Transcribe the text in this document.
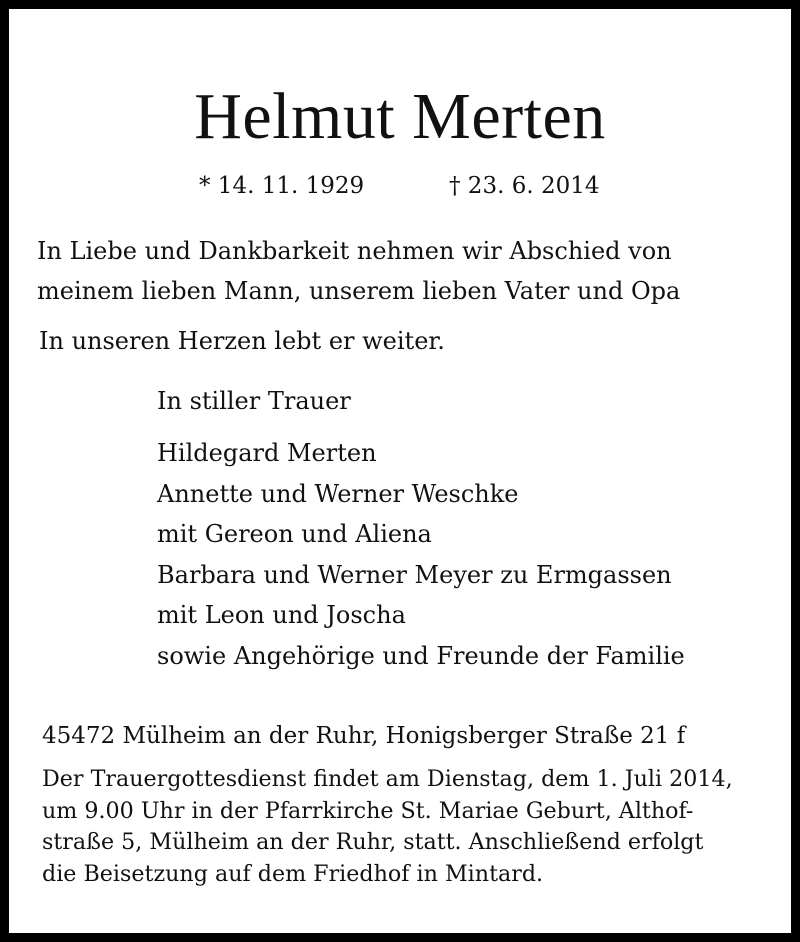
Helmut Merten
* 14. 11. 1929	† 23. 6. 2014
In Liebe und Dankbarkeit nehmen wir Abschied von
meinem lieben Mann, unserem lieben Vater und Opa
In unseren Herzen lebt er weiter.
In stiller Trauer
Hildegard Merten
Annette und Werner Weschke
mit Gereon und Aliena
Barbara und Werner Meyer zu Ermgassen
mit Leon und Joscha
sowie Angehörige und Freunde der Familie
45472 Mülheim an der Ruhr, Honigsberger Straße 21 f
Der Trauergottesdienst findet am Dienstag, dem 1. Juli 2014,
um 9.00 Uhr in der Pfarrkirche St. Mariae Geburt, Althof-
straße 5, Mülheim an der Ruhr, statt. Anschließend erfolgt
die Beisetzung auf dem Friedhof in Mintard.
